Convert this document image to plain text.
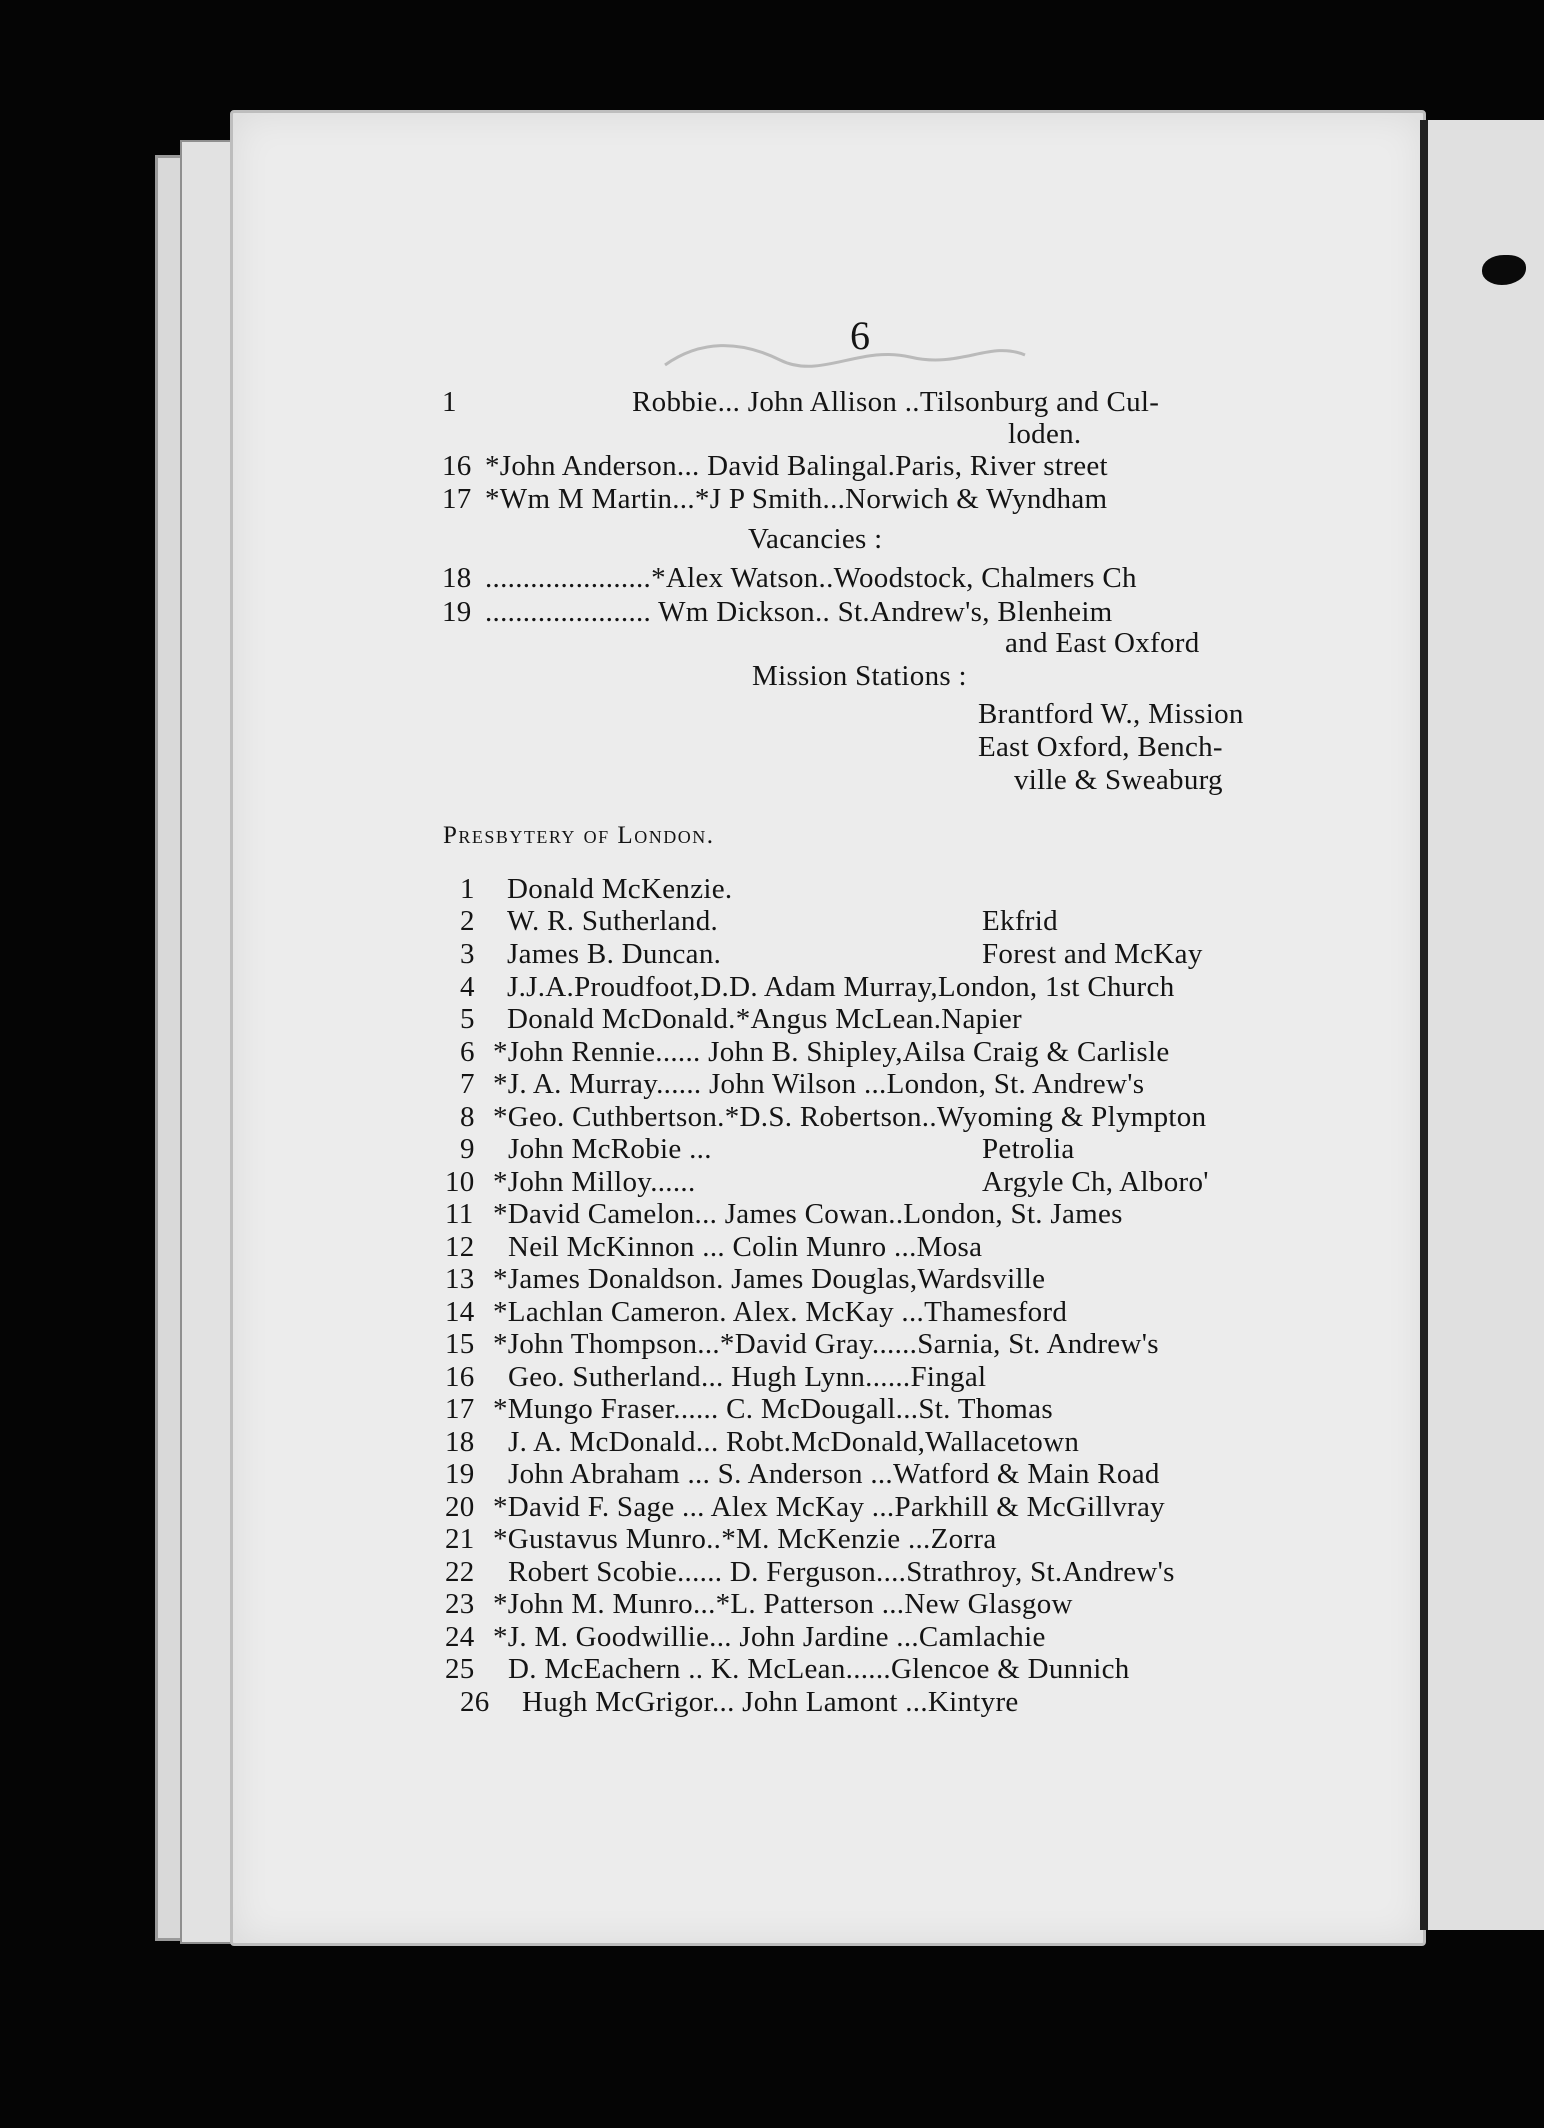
6
1	Robbie... John Allison ..Tilsonburg and Cul-
loden.
16 *John Anderson... David Balingal.Paris, River street
17 *Wm M Martin...*J P Smith...Norwich & Wyndham
Vacancies :
18 ......................*Alex Watson..Woodstock, Chalmers Ch
19 ...................... Wm Dickson.. St.Andrew's, Blenheim
and East Oxford
Mission Stations :
Brantford W., Mission
East Oxford, Bench-
ville & Sweaburg
Presbytery of London.
1 Donald McKenzie.
2 W. R. Sutherland.	Ekfrid
3 James B. Duncan.	Forest and McKay
4 J.J.A.Proudfoot,D.D. Adam Murray,London, 1st Church
5 Donald McDonald.*Angus McLean.Napier
6 *John Rennie...... John B. Shipley,Ailsa Craig & Carlisle
7 *J. A. Murray...... John Wilson ...London, St. Andrew's
8 *Geo. Cuthbertson.*D.S. Robertson..Wyoming & Plympton
9 John McRobie ...	Petrolia
10 *John Milloy......	Argyle Ch, Alboro'
11 *David Camelon... James Cowan..London, St. James
12 Neil McKinnon ... Colin Munro ...Mosa
13 *James Donaldson. James Douglas,Wardsville
14 *Lachlan Cameron. Alex. McKay ...Thamesford
15 *John Thompson...*David Gray......Sarnia, St. Andrew's
16 Geo. Sutherland... Hugh Lynn......Fingal
17 *Mungo Fraser...... C. McDougall...St. Thomas
18 J. A. McDonald... Robt.McDonald,Wallacetown
19 John Abraham ... S. Anderson ...Watford & Main Road
20 *David F. Sage ... Alex McKay ...Parkhill & McGillvray
21 *Gustavus Munro..*M. McKenzie ...Zorra
22 Robert Scobie...... D. Ferguson....Strathroy, St.Andrew's
23 *John M. Munro...*L. Patterson ...New Glasgow
24 *J. M. Goodwillie... John Jardine ...Camlachie
25 D. McEachern .. K. McLean......Glencoe & Dunnich
26 Hugh McGrigor... John Lamont ...Kintyre
